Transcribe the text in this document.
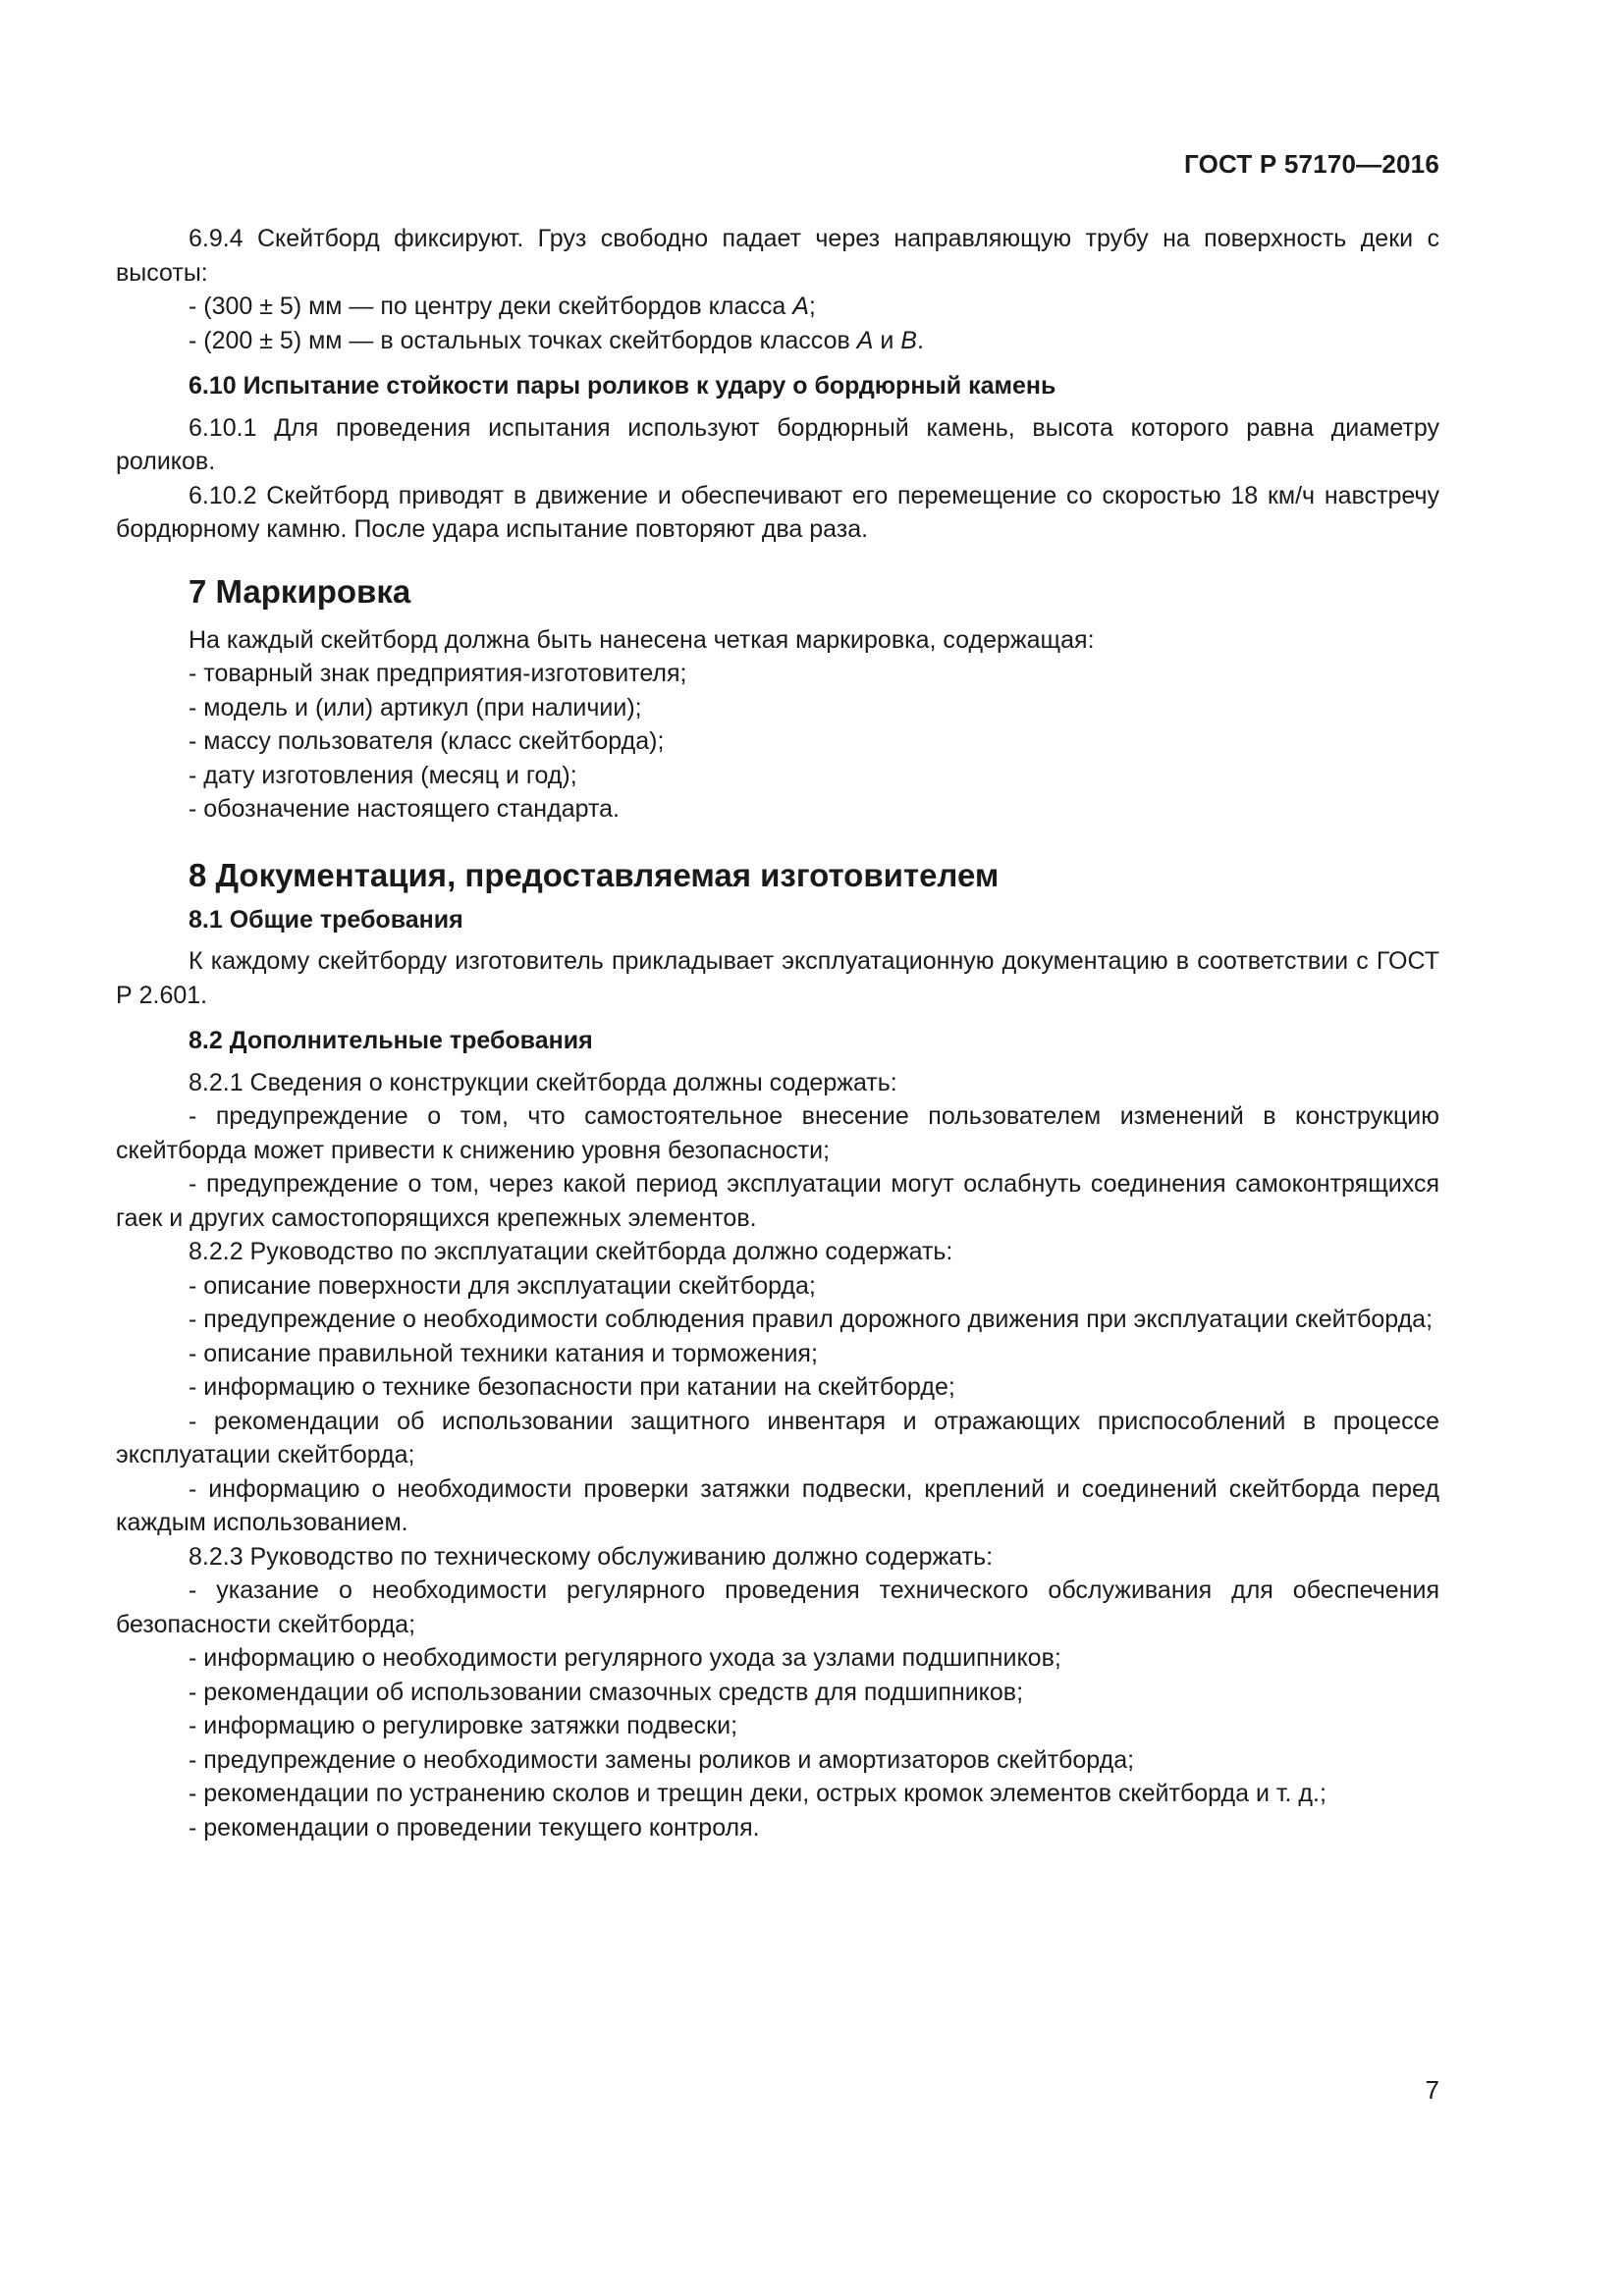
ГОСТ Р 57170—2016

6.9.4 Скейтборд фиксируют. Груз свободно падает через направляющую трубу на поверхность деки с высоты:

- (300 ± 5) мм — по центру деки скейтбордов класса А;

- (200 ± 5) мм — в остальных точках скейтбордов классов А и В.

6.10 Испытание стойкости пары роликов к удару о бордюрный камень

6.10.1 Для проведения испытания используют бордюрный камень, высота которого равна диаметру роликов.

6.10.2 Скейтборд приводят в движение и обеспечивают его перемещение со скоростью 18 км/ч навстречу бордюрному камню. После удара испытание повторяют два раза.

7 Маркировка

На каждый скейтборд должна быть нанесена четкая маркировка, содержащая:

- товарный знак предприятия-изготовителя;

- модель и (или) артикул (при наличии);

- массу пользователя (класс скейтборда);

- дату изготовления (месяц и год);

- обозначение настоящего стандарта.

8 Документация, предоставляемая изготовителем

8.1 Общие требования

К каждому скейтборду изготовитель прикладывает эксплуатационную документацию в соответствии с ГОСТ Р 2.601.

8.2 Дополнительные требования

8.2.1 Сведения о конструкции скейтборда должны содержать:

- предупреждение о том, что самостоятельное внесение пользователем изменений в конструкцию скейтборда может привести к снижению уровня безопасности;

- предупреждение о том, через какой период эксплуатации могут ослабнуть соединения самоконтрящихся гаек и других самостопорящихся крепежных элементов.

8.2.2 Руководство по эксплуатации скейтборда должно содержать:

- описание поверхности для эксплуатации скейтборда;

- предупреждение о необходимости соблюдения правил дорожного движения при эксплуатации скейтборда;

- описание правильной техники катания и торможения;

- информацию о технике безопасности при катании на скейтборде;

- рекомендации об использовании защитного инвентаря и отражающих приспособлений в процессе эксплуатации скейтборда;

- информацию о необходимости проверки затяжки подвески, креплений и соединений скейтборда перед каждым использованием.

8.2.3 Руководство по техническому обслуживанию должно содержать:

- указание о необходимости регулярного проведения технического обслуживания для обеспечения безопасности скейтборда;

- информацию о необходимости регулярного ухода за узлами подшипников;

- рекомендации об использовании смазочных средств для подшипников;

- информацию о регулировке затяжки подвески;

- предупреждение о необходимости замены роликов и амортизаторов скейтборда;

- рекомендации по устранению сколов и трещин деки, острых кромок элементов скейтборда и т. д.;

- рекомендации о проведении текущего контроля.

7
